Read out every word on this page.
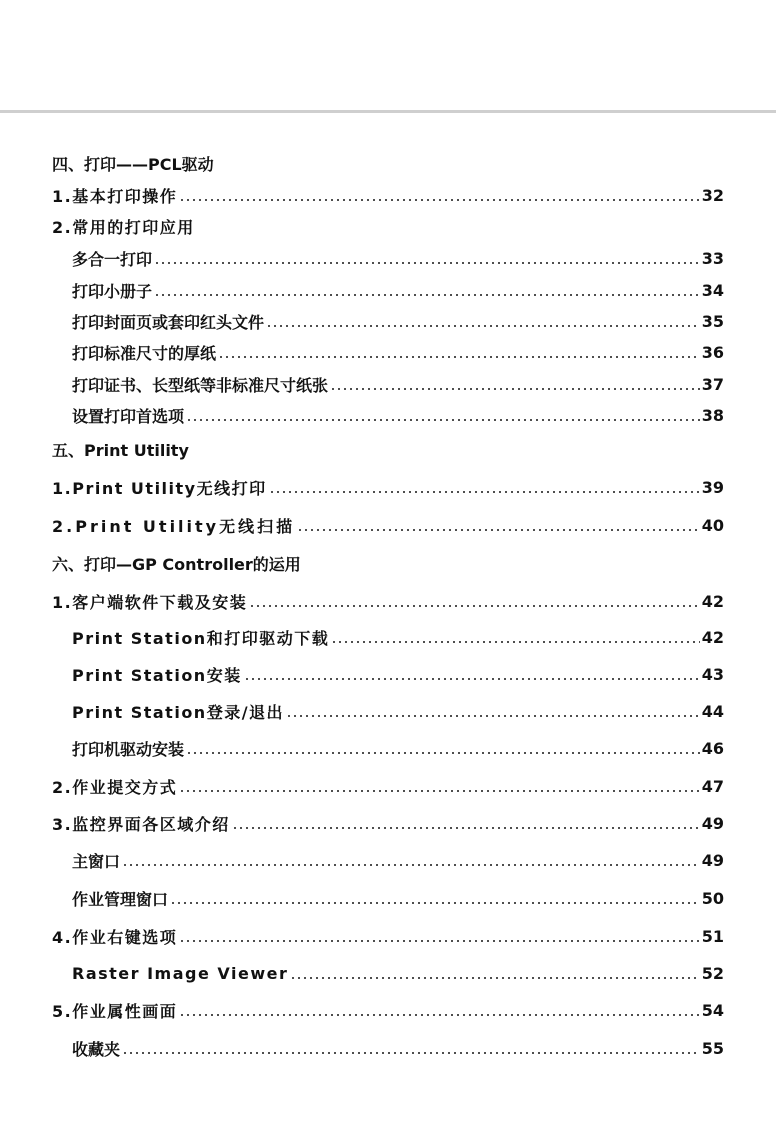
四、打印——PCL驱动
1.基本打印操作	32
2.常用的打印应用
多合一打印	33
打印小册子	34
打印封面页或套印红头文件	35
打印标准尺寸的厚纸	36
打印证书、长型纸等非标准尺寸纸张	37
设置打印首选项	38
五、Print Utility
1.Print Utility无线打印	39
2.Print Utility无线扫描	40
六、打印—GP Controller的运用
1.客户端软件下载及安装	42
Print Station和打印驱动下载	42
Print Station安装	43
Print Station登录/退出	44
打印机驱动安装	46
2.作业提交方式	47
3.监控界面各区域介绍	49
主窗口	49
作业管理窗口	50
4.作业右键选项	51
Raster Image Viewer	52
5.作业属性画面	54
收藏夹	55
